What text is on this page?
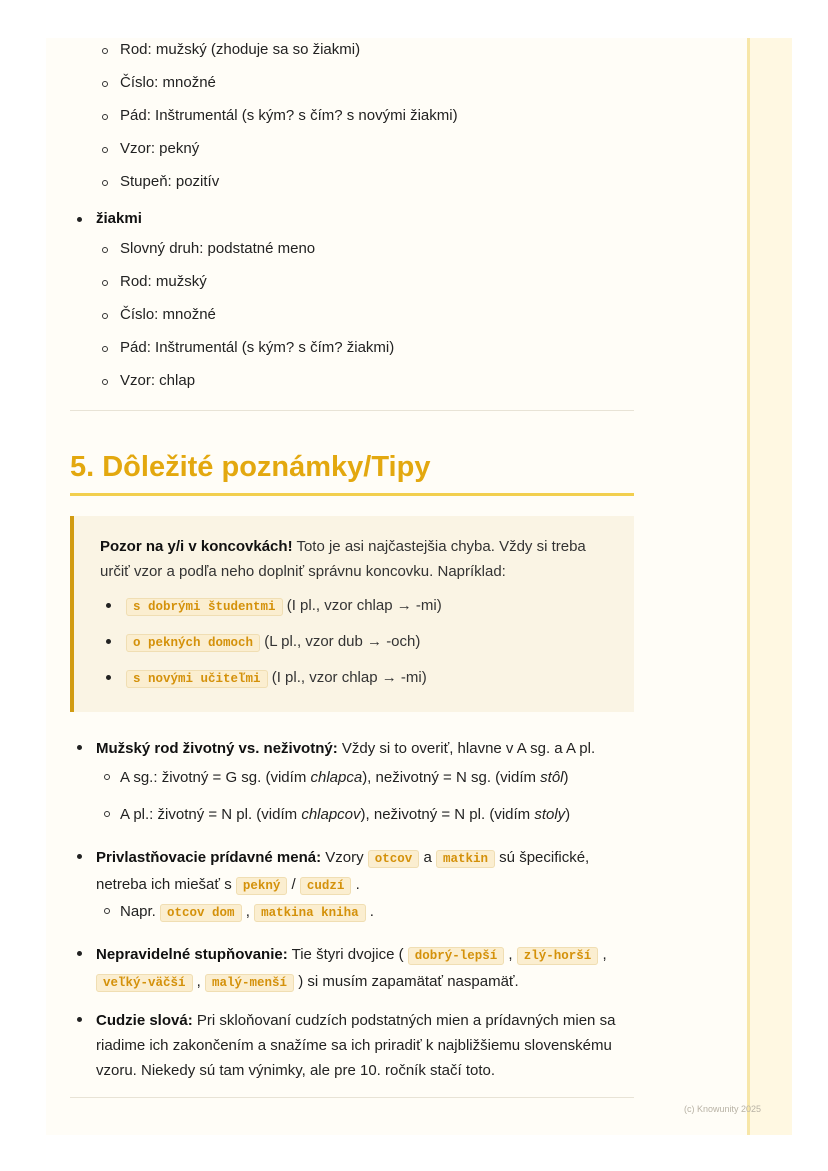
Rod: mužský (zhoduje sa so žiakmi)
Číslo: množné
Pád: Inštrumentál (s kým? s čím? s novými žiakmi)
Vzor: pekný
Stupeň: pozitív
žiakmi
Slovný druh: podstatné meno
Rod: mužský
Číslo: množné
Pád: Inštrumentál (s kým? s čím? žiakmi)
Vzor: chlap
5. Dôležité poznámky/Tipy
Pozor na y/i v koncovkách! Toto je asi najčastejšia chyba. Vždy si treba určiť vzor a podľa neho doplniť správnu koncovku. Napríklad:
s dobrými študentmi (I pl., vzor chlap → -mi)
o pekných domoch (L pl., vzor dub → -och)
s novými učiteľmi (I pl., vzor chlap → -mi)
Mužský rod životný vs. neživotný: Vždy si to overiť, hlavne v A sg. a A pl.
A sg.: životný = G sg. (vidím chlapca), neživotný = N sg. (vidím stôl)
A pl.: životný = N pl. (vidím chlapcov), neživotný = N pl. (vidím stoly)
Privlastňovacie prídavné mená: Vzory otcov a matkin sú špecifické, netreba ich miešať s pekný / cudzí .
Napr. otcov dom , matkina kniha .
Nepravidelné stupňovanie: Tie štyri dvojice ( dobrý-lepší , zlý-horší , veľký-väčší , malý-menší ) si musím zapamätať naspamäť.
Cudzie slová: Pri skloňovaní cudzích podstatných mien a prídavných mien sa riadime ich zakončením a snažíme sa ich priradiť k najbližšiemu slovenskému vzoru. Niekedy sú tam výnimky, ale pre 10. ročník stačí toto.
(c) Knowunity 2025
